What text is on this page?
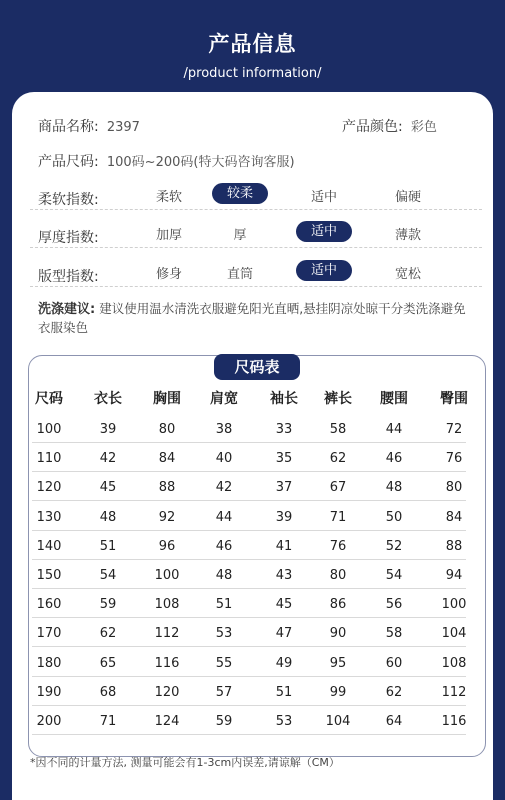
产品信息
/product information/
商品名称: 2397	产品颜色: 彩色
产品尺码: 100码~200码(特大码咨询客服)
柔软指数:	柔软	较柔	适中	偏硬
厚度指数:	加厚	厚	适中	薄款
版型指数:	修身	直筒	适中	宽松
洗涤建议: 建议使用温水清洗衣服避免阳光直晒,悬挂阴凉处晾干分类洗涤避免衣服染色
尺码表
尺码	衣长	胸围	肩宽	袖长	裤长	腰围	臀围
100	39	80	38	33	58	44	72
110	42	84	40	35	62	46	76
120	45	88	42	37	67	48	80
130	48	92	44	39	71	50	84
140	51	96	46	41	76	52	88
150	54	100	48	43	80	54	94
160	59	108	51	45	86	56	100
170	62	112	53	47	90	58	104
180	65	116	55	49	95	60	108
190	68	120	57	51	99	62	112
200	71	124	59	53	104	64	116
*因不同的计量方法, 测量可能会有1-3cm内误差,请谅解（CM）
